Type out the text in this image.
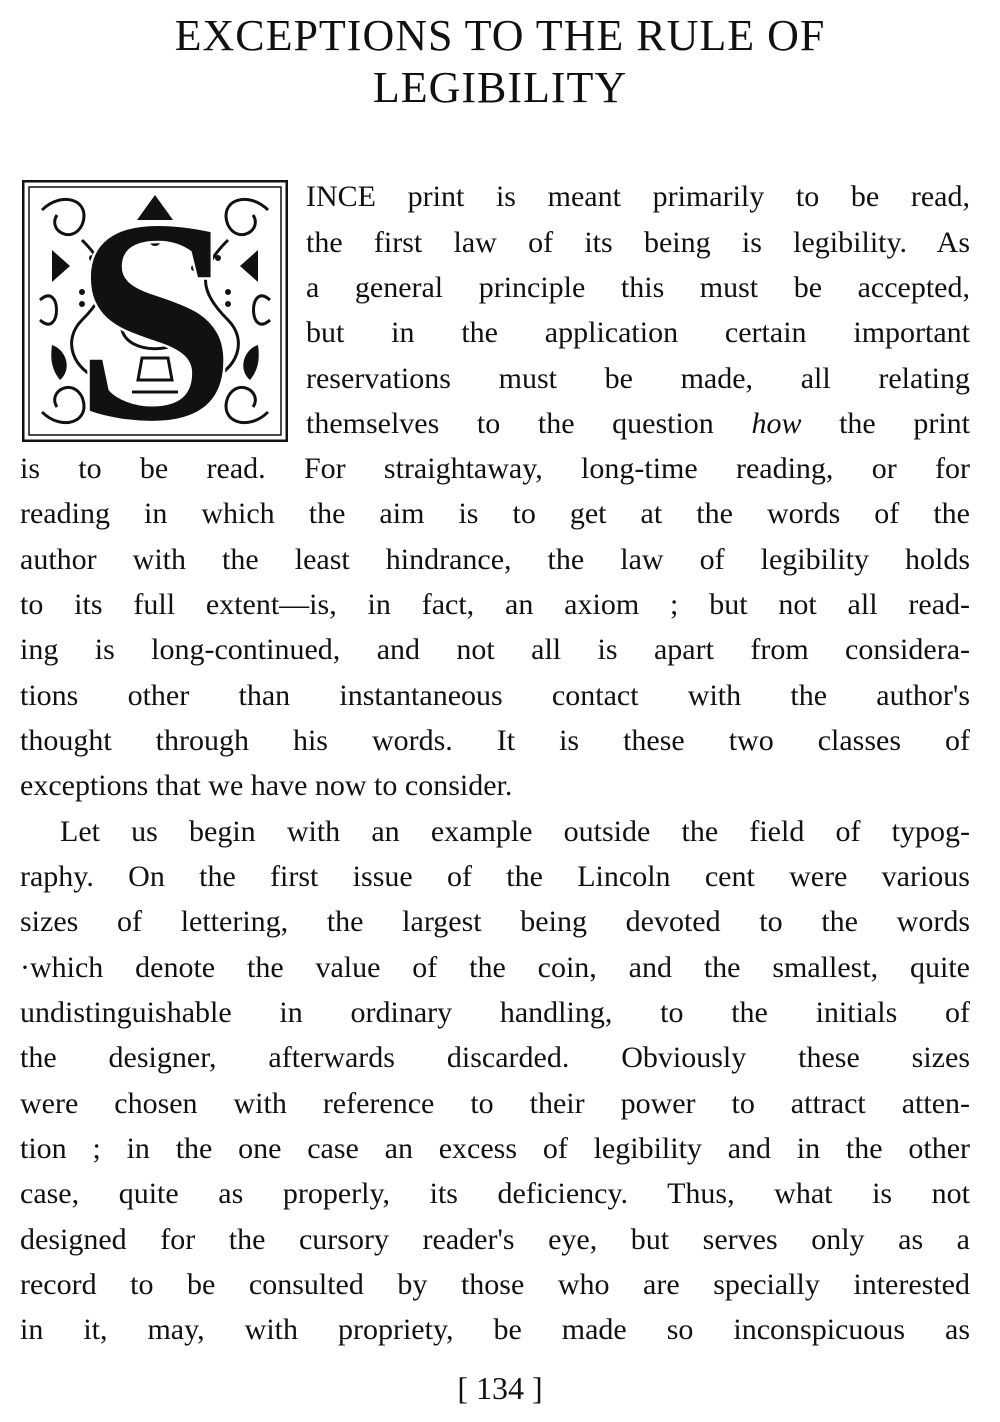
EXCEPTIONS TO THE RULE OF
LEGIBILITY
S INCE print is meant primarily to be read,
the first law of its being is legibility. As
a general principle this must be accepted,
but in the application certain important
reservations must be made, all relating
themselves to the question how the print
is to be read. For straightaway, long-time reading, or for
reading in which the aim is to get at the words of the
author with the least hindrance, the law of legibility holds
to its full extent—is, in fact, an axiom ; but not all read-
ing is long-continued, and not all is apart from considera-
tions other than instantaneous contact with the author's
thought through his words. It is these two classes of
exceptions that we have now to consider.
Let us begin with an example outside the field of typog-
raphy. On the first issue of the Lincoln cent were various
sizes of lettering, the largest being devoted to the words
·which denote the value of the coin, and the smallest, quite
undistinguishable in ordinary handling, to the initials of
the designer, afterwards discarded. Obviously these sizes
were chosen with reference to their power to attract atten-
tion ; in the one case an excess of legibility and in the other
case, quite as properly, its deficiency. Thus, what is not
designed for the cursory reader's eye, but serves only as a
record to be consulted by those who are specially interested
in it, may, with propriety, be made so inconspicuous as
[ 134 ]
